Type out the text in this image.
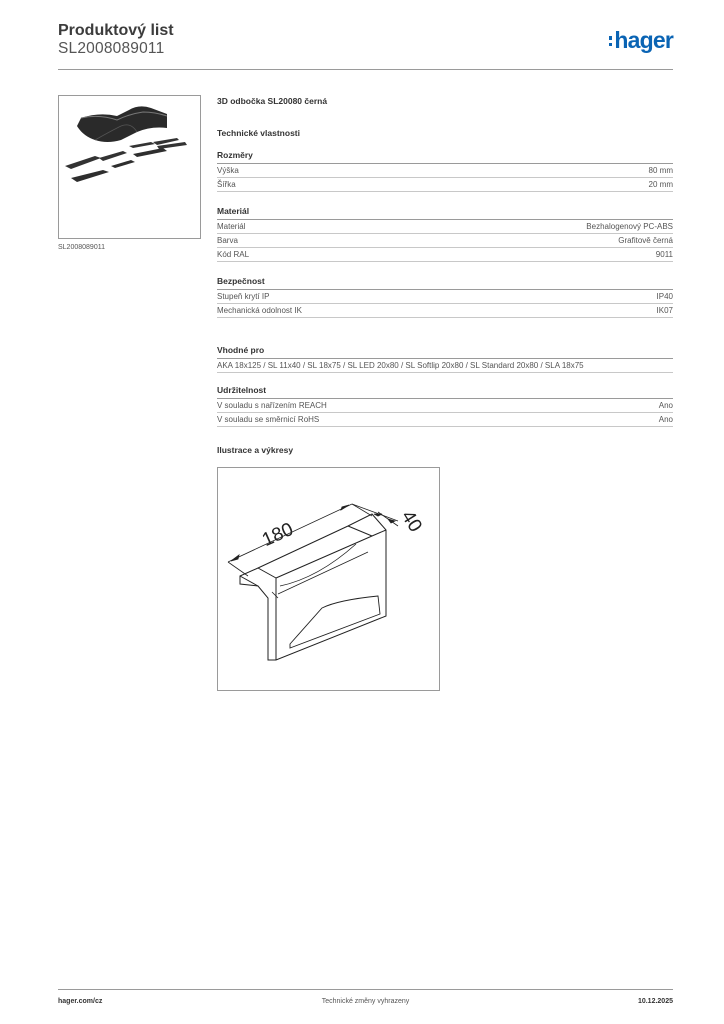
Produktový list
SL2008089011	hager
SL2008089011
3D odbočka SL20080 černá
Technické vlastnosti
Rozměry
Výška	80 mm
Šířka	20 mm
Materiál
Materiál	Bezhalogenový PC-ABS
Barva	Grafitově černá
Kód RAL	9011
Bezpečnost
Stupeň krytí IP	IP40
Mechanická odolnost IK	IK07
Vhodné pro
AKA 18x125 / SL 11x40 / SL 18x75 / SL LED 20x80 / SL Softlip 20x80 / SL Standard 20x80 / SLA 18x75
Udržitelnost
V souladu s nařízením REACH	Ano
V souladu se směrnicí RoHS	Ano
Ilustrace a výkresy
180	40
hager.com/cz	Technické změny vyhrazeny	10.12.2025
